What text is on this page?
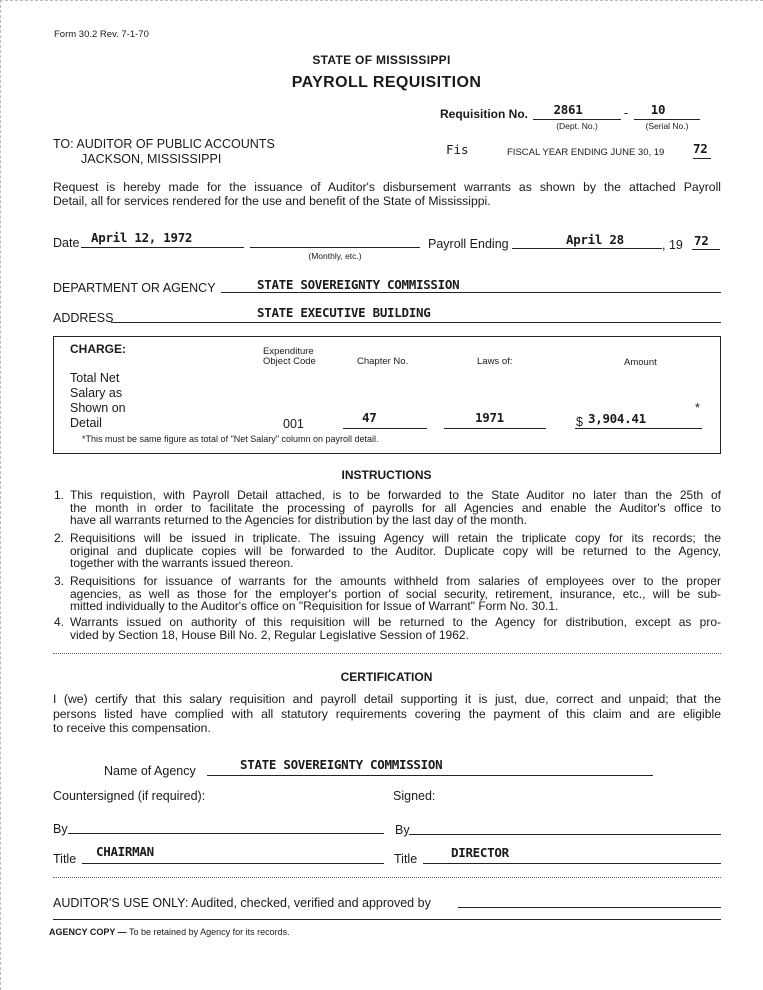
Form 30.2 Rev. 7-1-70
STATE OF MISSISSIPPI
PAYROLL REQUISITION
Requisition No.	2861
(Dept. No.)
-	10
(Serial No.)
TO: AUDITOR OF PUBLIC ACCOUNTS
JACKSON, MISSISSIPPI
Fis	FISCAL YEAR ENDING JUNE 30, 19 72
Request is hereby made for the issuance of Auditor's disbursement warrants as shown by the attached Payroll
Detail, all for services rendered for the use and benefit of the State of Mississippi.
Date April 12, 1972
(Monthly, etc.)
Payroll Ending	April 28	, 19 72
DEPARTMENT OR AGENCY	STATE SOVEREIGNTY COMMISSION
ADDRESS	STATE EXECUTIVE BUILDING
CHARGE:	Expenditure
Object Code	Chapter No.	Laws of:	Amount
Total Net
Salary as
Shown on
Detail	001	47	1971	$ 3,904.41
*
*This must be same figure as total of "Net Salary" column on payroll detail.
INSTRUCTIONS
1. This requistion, with Payroll Detail attached, is to be forwarded to the State Auditor no later than the 25th of
the month in order to facilitate the processing of payrolls for all Agencies and enable the Auditor's office to
have all warrants returned to the Agencies for distribution by the last day of the month.
2. Requisitions will be issued in triplicate. The issuing Agency will retain the triplicate copy for its records; the
original and duplicate copies will be forwarded to the Auditor. Duplicate copy will be returned to the Agency,
together with the warrants issued thereon.
3. Requisitions for issuance of warrants for the amounts withheld from salaries of employees over to the proper
agencies, as well as those for the employer's portion of social security, retirement, insurance, etc., will be sub-
mitted individually to the Auditor's office on "Requisition for Issue of Warrant" Form No. 30.1.
4. Warrants issued on authority of this requisition will be returned to the Agency for distribution, except as pro-
vided by Section 18, House Bill No. 2, Regular Legislative Session of 1962.
CERTIFICATION
I (we) certify that this salary requisition and payroll detail supporting it is just, due, correct and unpaid; that the
persons listed have complied with all statutory requirements covering the payment of this claim and are eligible
to receive this compensation.
Name of Agency	STATE SOVEREIGNTY COMMISSION
Countersigned (if required):	Signed:
By	By
Title CHAIRMAN	Title	DIRECTOR
AUDITOR'S USE ONLY: Audited, checked, verified and approved by
AGENCY COPY — To be retained by Agency for its records.
